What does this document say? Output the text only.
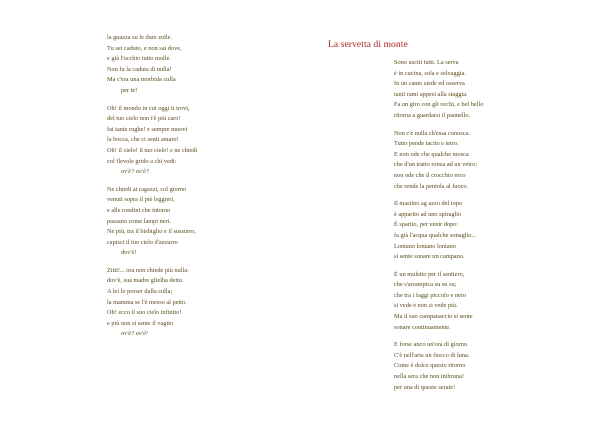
la guazza su le dure zolle.
Tu sei caduto, e non sai dove,
e già l'occhio tutto molle.
Non fu la caduta di nulla!
Ma c'era una morbida culla
per te!
Oh! il mondo in cui oggi ti trovi,
del tuo cielo non t'è più caro!
fai tante rughe! e sempre muovi
la bocca, che ci senti amaro!
Oh! il cielo! il tuo cielo! e ne chiedi
col flevole grido a chi vedi:
ov'è? ov'è?
Ne chiedi ai ragazzi, col giorno
venuti sopra il piè leggieri,
e alle rondini che intorno
passano come lampi neri.
Ne più, tra il bisbiglio e il sussurro,
capisci il tuo cielo d'azzurro
dov'è!
Zitti!... ora non chiede più nulla:
dov'è, sua madre glielha detto.
A lei lo porser dalla culla;
la mamma se l'è messo al petto.
Oh! ecco il suo cielo infinito!
e più non si sente il vagito
ov'è? ov'è!
La servetta di monte
Sono usciti tutti. La serva
è in cucina, sola e selvaggia.
In un canto siede ed osserva
tanti rami appesi alla staggia.
Fa un giro con gli occhi, e bel bello
ritorna a guardarsi il pannello.
Non c'è nulla ch'essa conosca.
Tutto pende tacito e tetro.
E non ode che qualche mosca
che d'un tratto ronza ad un vetro;
non ode che il crocchio roco
che rende la pentola al fuoco.
Il mastino ag azzo del topo
è apparito ad uno spiraglio
È sparito, per venir dopo:
fa già l'acqua qualche sonaglio...
Lontano lontano lontano
si sente sonare un campano.
È un muletto per il sentiero,
che s'arrampica su su su;
che tra i faggi piccolo e nero
si vede e non si vede più.
Ma il suo campanaccio si sente
sonare continuamente.
E forse anco un'ora di giorno.
C'è nell'aria un fiocco di luna.
Come è dolce questo ritorno
nella sera che non imbruna!
per una di queste serate!
